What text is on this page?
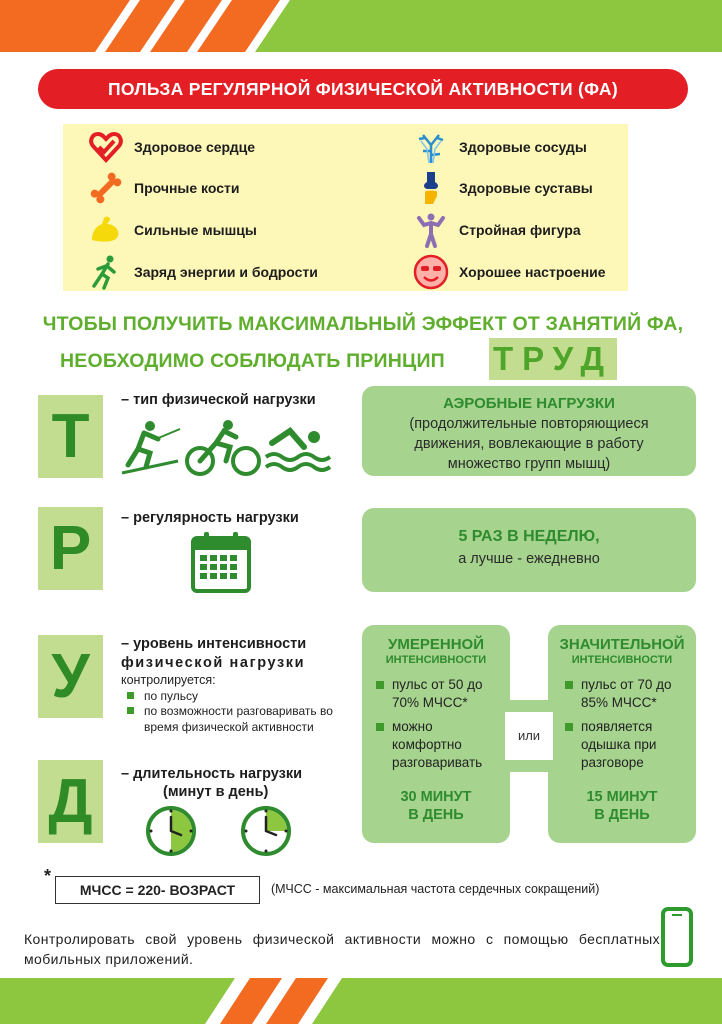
ПОЛЬЗА РЕГУЛЯРНОЙ ФИЗИЧЕСКОЙ АКТИВНОСТИ (ФА)
Здоровое сердце
Прочные кости
Сильные мышцы
Заряд энергии и бодрости
Здоровые сосуды
Здоровые суставы
Стройная фигура
Хорошее настроение
ЧТОБЫ ПОЛУЧИТЬ МАКСИМАЛЬНЫЙ ЭФФЕКТ ОТ ЗАНЯТИЙ ФА,
НЕОБХОДИМО СОБЛЮДАТЬ ПРИНЦИП ТРУД
Т
– тип физической нагрузки	АЭРОБНЫЕ НАГРУЗКИ
(продолжительные повторяющиеся движения, вовлекающие в работу множество групп мышц)
Р	– регулярность нагрузки
5 РАЗ В НЕДЕЛЮ,
а лучше - ежедневно
У	– уровень интенсивности
физической нагрузки
контролируется:
по пульсу
по возможности разговаривать во время физической активности
Д	– длительность нагрузки
(минут в день)
или
УМЕРЕННОЙ
ИНТЕНСИВНОСТИ
пульс от 50 до 70% МЧСС*
можно комфортно разговаривать
30 МИНУТ
В ДЕНЬ
ЗНАЧИТЕЛЬНОЙ
ИНТЕНСИВНОСТИ
пульс от 70 до 85% МЧСС*
появляется одышка при разговоре
15 МИНУТ
В ДЕНЬ
*
МЧСС = 220- ВОЗРАСТ	(МЧСС - максимальная частота сердечных сокращений)
Контролировать свой уровень физической активности можно с помощью бесплатных мобильных приложений.
